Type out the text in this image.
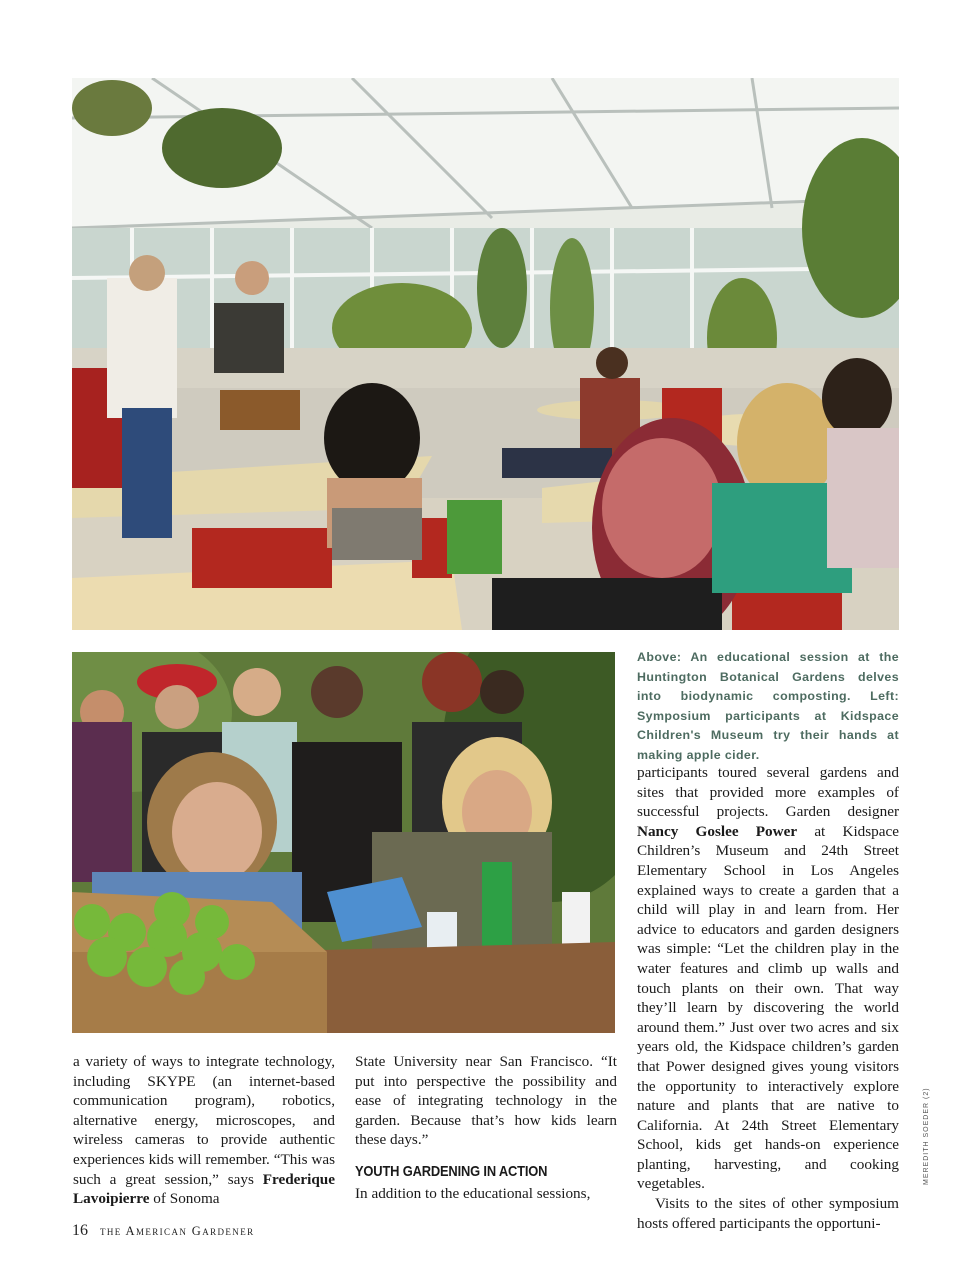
Above: An educational session at the Huntington Botanical Gardens delves into biodynamic composting. Left: Symposium participants at Kidspace Children's Museum try their hands at making apple cider.

a variety of ways to integrate technology, including SKYPE (an internet-based communication program), robotics, alternative energy, microscopes, and wireless cameras to provide authentic experiences kids will remember. “This was such a great session,” says Frederique Lavoipierre of Sonoma

State University near San Francisco. “It put into perspective the possibility and ease of integrating technology in the garden. Because that’s how kids learn these days.”

YOUTH GARDENING IN ACTION

In addition to the educational sessions,

participants toured several gardens and sites that provided more examples of successful projects. Garden designer Nancy Goslee Power at Kidspace Children’s Museum and 24th Street Elementary School in Los Angeles explained ways to create a garden that a child will play in and learn from. Her advice to educators and garden designers was simple: “Let the children play in the water features and climb up walls and touch plants on their own. That way they’ll learn by discovering the world around them.” Just over two acres and six years old, the Kidspace children’s garden that Power designed gives young visitors the opportunity to interactively explore nature and plants that are native to California. At 24th Street Elementary School, kids get hands-on experience planting, harvesting, and cooking vegetables.

Visits to the sites of other symposium hosts offered participants the opportuni-

MEREDITH SOEDER (2)
16 the American Gardener
